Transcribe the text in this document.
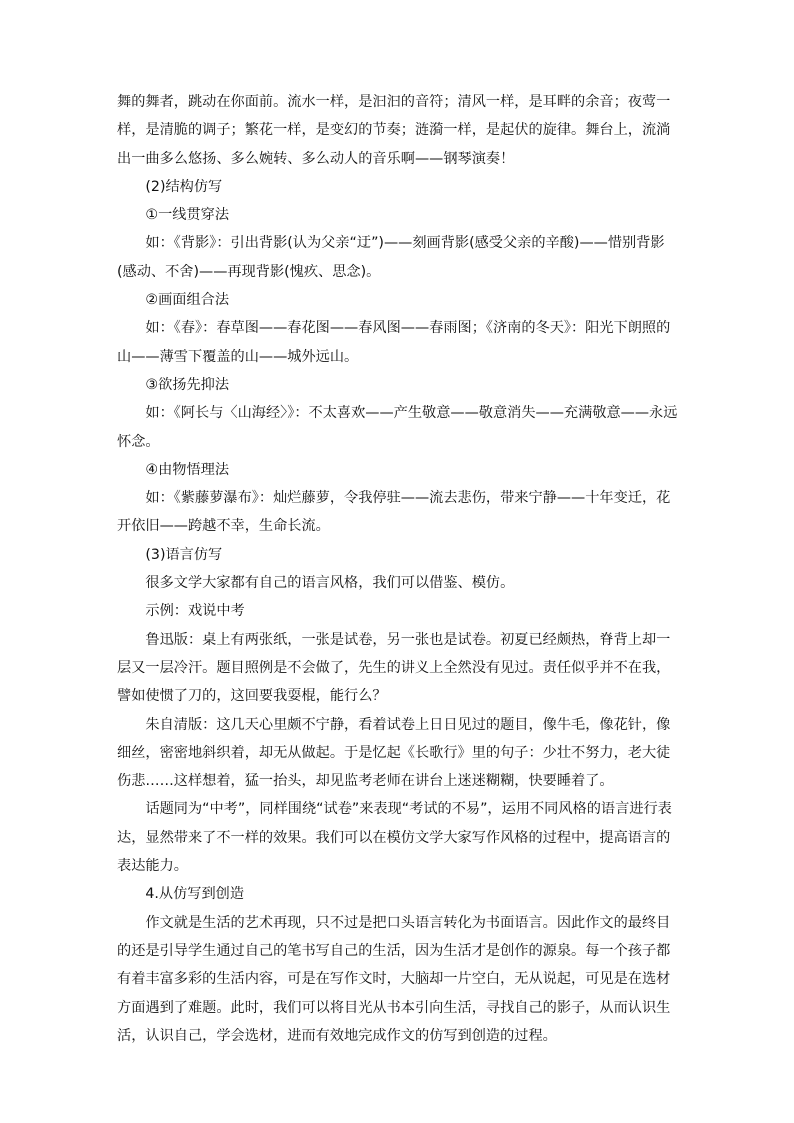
舞的舞者，跳动在你面前。流水一样，是汩汩的音符；清风一样，是耳畔的余音；夜莺一样，是清脆的调子；繁花一样，是变幻的节奏；涟漪一样，是起伏的旋律。舞台上，流淌出一曲多么悠扬、多么婉转、多么动人的音乐啊——钢琴演奏！

(2)结构仿写

①一线贯穿法

如：《背影》：引出背影(认为父亲“迂”)——刻画背影(感受父亲的辛酸)——惜别背影(感动、不舍)——再现背影(愧疚、思念)。

②画面组合法

如：《春》：春草图——春花图——春风图——春雨图；《济南的冬天》：阳光下朗照的山——薄雪下覆盖的山——城外远山。

③欲扬先抑法

如：《阿长与〈山海经〉》：不太喜欢——产生敬意——敬意消失——充满敬意——永远怀念。

④由物悟理法

如：《紫藤萝瀑布》：灿烂藤萝，令我停驻——流去悲伤，带来宁静——十年变迁，花开依旧——跨越不幸，生命长流。

(3)语言仿写

很多文学大家都有自己的语言风格，我们可以借鉴、模仿。

示例：戏说中考

鲁迅版：桌上有两张纸，一张是试卷，另一张也是试卷。初夏已经颇热，脊背上却一层又一层冷汗。题目照例是不会做了，先生的讲义上全然没有见过。责任似乎并不在我，譬如使惯了刀的，这回要我耍棍，能行么？

朱自清版：这几天心里颇不宁静，看着试卷上日日见过的题目，像牛毛，像花针，像细丝，密密地斜织着，却无从做起。于是忆起《长歌行》里的句子：少壮不努力，老大徒伤悲……这样想着，猛一抬头，却见监考老师在讲台上迷迷糊糊，快要睡着了。

话题同为“中考”，同样围绕“试卷”来表现“考试的不易”，运用不同风格的语言进行表达，显然带来了不一样的效果。我们可以在模仿文学大家写作风格的过程中，提高语言的表达能力。

4.从仿写到创造

作文就是生活的艺术再现，只不过是把口头语言转化为书面语言。因此作文的最终目的还是引导学生通过自己的笔书写自己的生活，因为生活才是创作的源泉。每一个孩子都有着丰富多彩的生活内容，可是在写作文时，大脑却一片空白，无从说起，可见是在选材方面遇到了难题。此时，我们可以将目光从书本引向生活，寻找自己的影子，从而认识生活，认识自己，学会选材，进而有效地完成作文的仿写到创造的过程。
